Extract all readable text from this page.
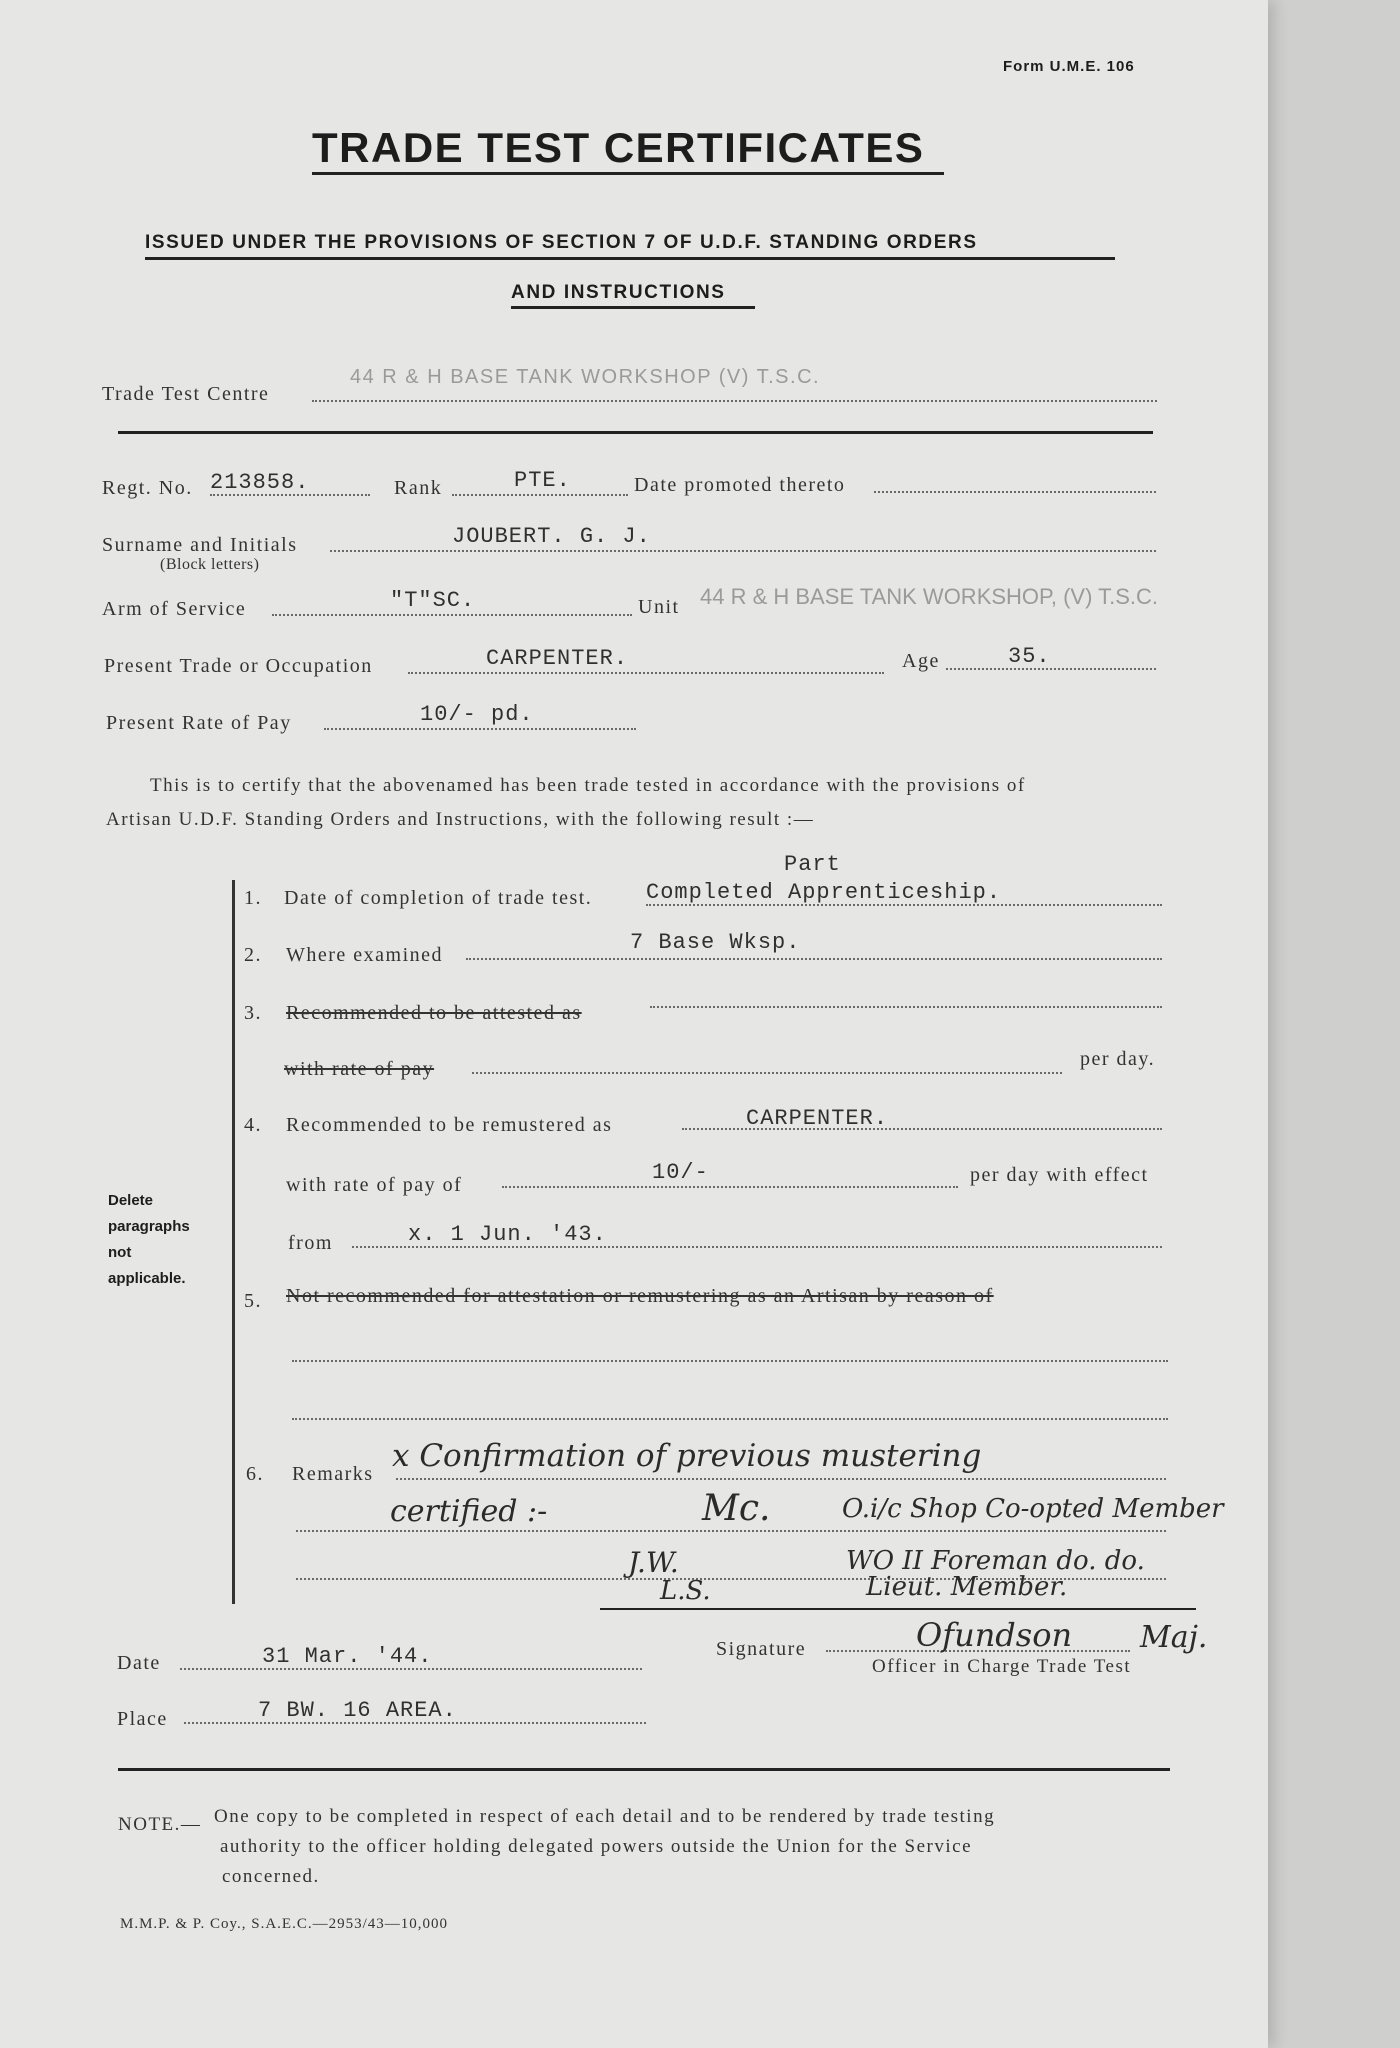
Form U.M.E. 106
TRADE TEST CERTIFICATES
ISSUED UNDER THE PROVISIONS OF SECTION 7 OF U.D.F. STANDING ORDERS
AND INSTRUCTIONS
Trade Test Centre
44 R & H BASE TANK WORKSHOP (V) T.S.C.
Regt. No. 213858.	Rank	PTE.	Date promoted thereto
Surname and Initials
(Block letters)
JOUBERT. G. J.
Arm of Service	"T"SC.	Unit 44 R & H BASE TANK WORKSHOP, (V) T.S.C.
Present Trade or Occupation	CARPENTER.	Age	35.
Present Rate of Pay	10/- pd.
This is to certify that the abovenamed has been trade tested in accordance with the provisions of
Artisan U.D.F. Standing Orders and Instructions, with the following result :—
Delete
paragraphs
not
applicable.
1. Date of completion of trade test.
Part
Completed Apprenticeship.
2. Where examined	7 Base Wksp.
3. Recommended to be attested as
with rate of pay	per day.
4. Recommended to be remustered as	CARPENTER.
with rate of pay of	10/-	per day with effect
from	x. 1 Jun. '43.
5. Not recommended for attestation or remustering as an Artisan by reason of
6. Remarks x Confirmation of previous mustering
certified :-	Mc.	O.i/c Shop Co-opted Member
J.W.	WO II Foreman do. do.
L.S.	Lieut. Member.
Date	31 Mar. '44.	Signature	Ofundson Maj.
Officer in Charge Trade Test
Place	7 BW. 16 AREA.
NOTE.— One copy to be completed in respect of each detail and to be rendered by trade testing
authority to the officer holding delegated powers outside the Union for the Service
concerned.
M.M.P. & P. Coy., S.A.E.C.—2953/43—10,000
